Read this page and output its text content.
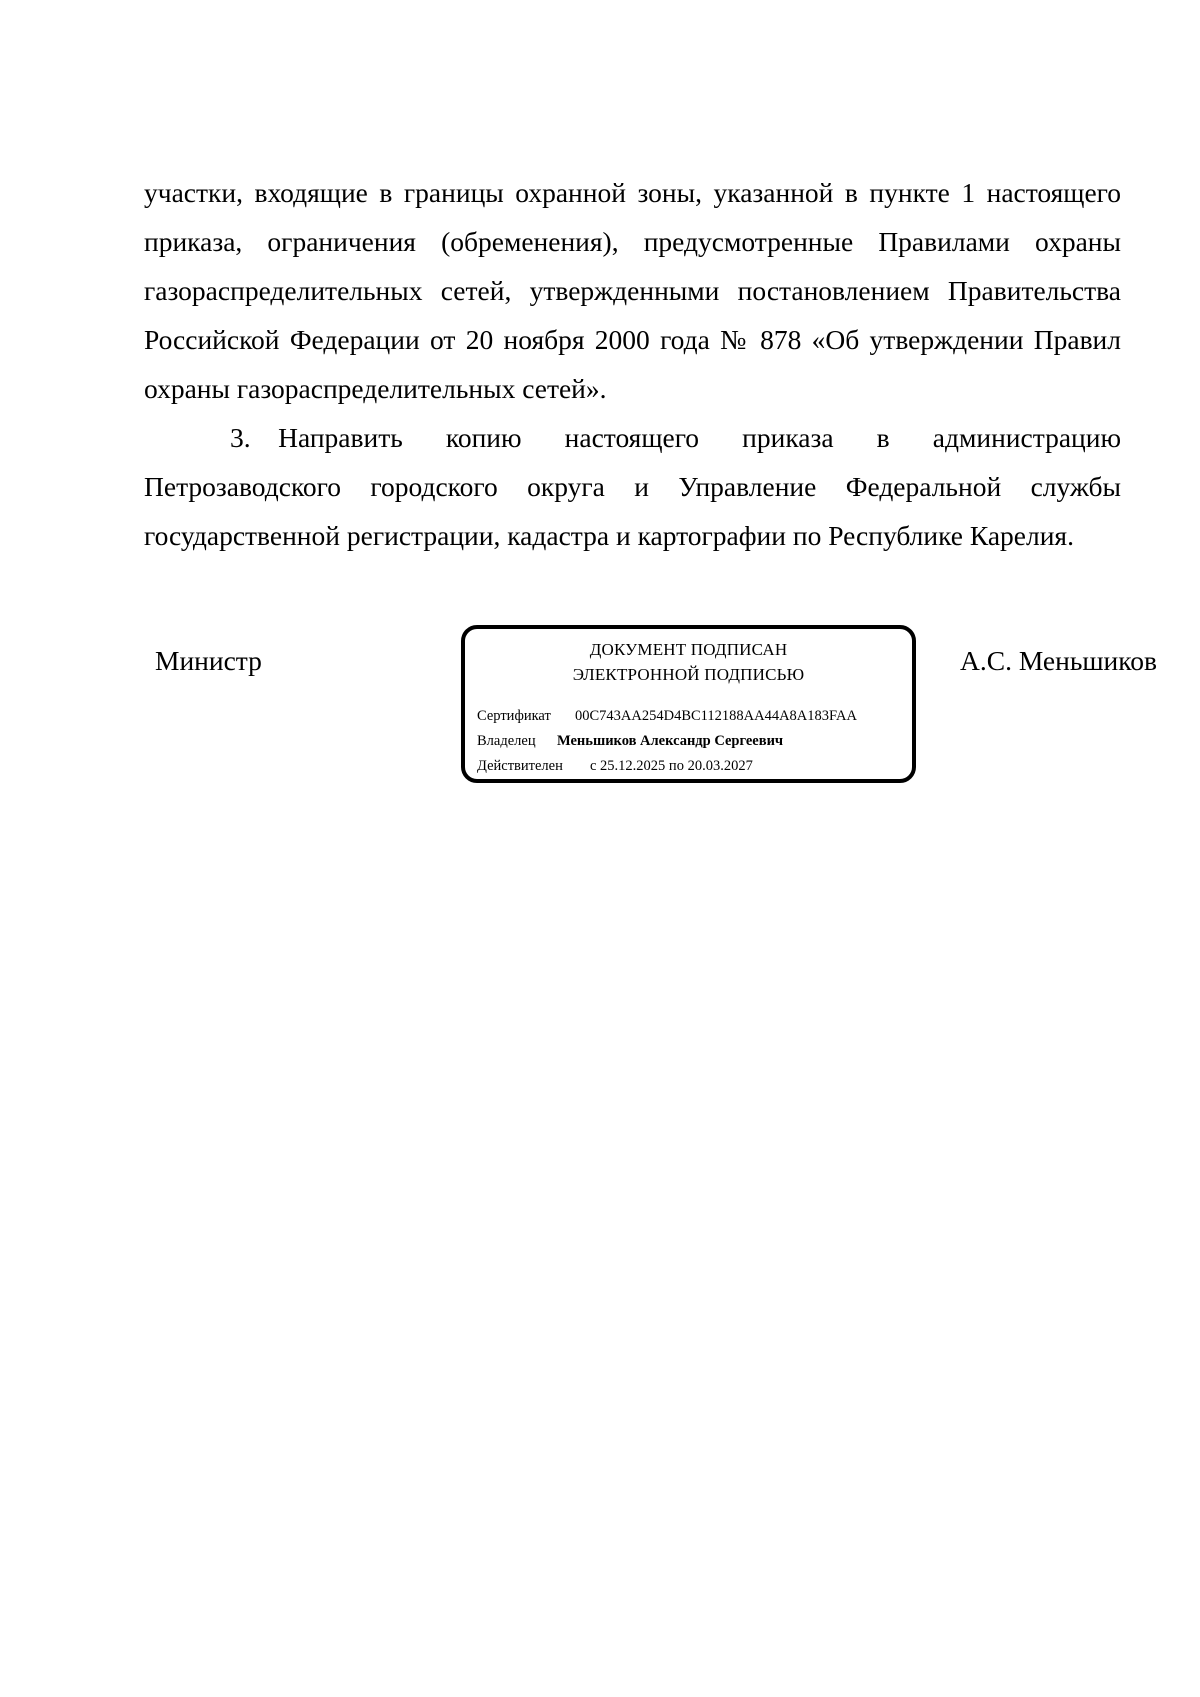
участки, входящие в границы охранной зоны, указанной в пункте 1 настоящего приказа, ограничения (обременения), предусмотренные Правилами охраны газораспределительных сетей, утвержденными постановлением Правительства Российской Федерации от 20 ноября 2000 года № 878 «Об утверждении Правил охраны газораспределительных сетей».

3. Направить копию настоящего приказа в администрацию Петрозаводского городского округа и Управление Федеральной службы государственной регистрации, кадастра и картографии по Республике Карелия.

Министр	ДОКУМЕНТ ПОДПИСАН
ЭЛЕКТРОННОЙ ПОДПИСЬЮ
Сертификат 00C743AA254D4BC112188AA44A8A183FAA
Владелец Меньшиков Александр Сергеевич
Действителен с 25.12.2025 по 20.03.2027

А.С. Меньшиков
